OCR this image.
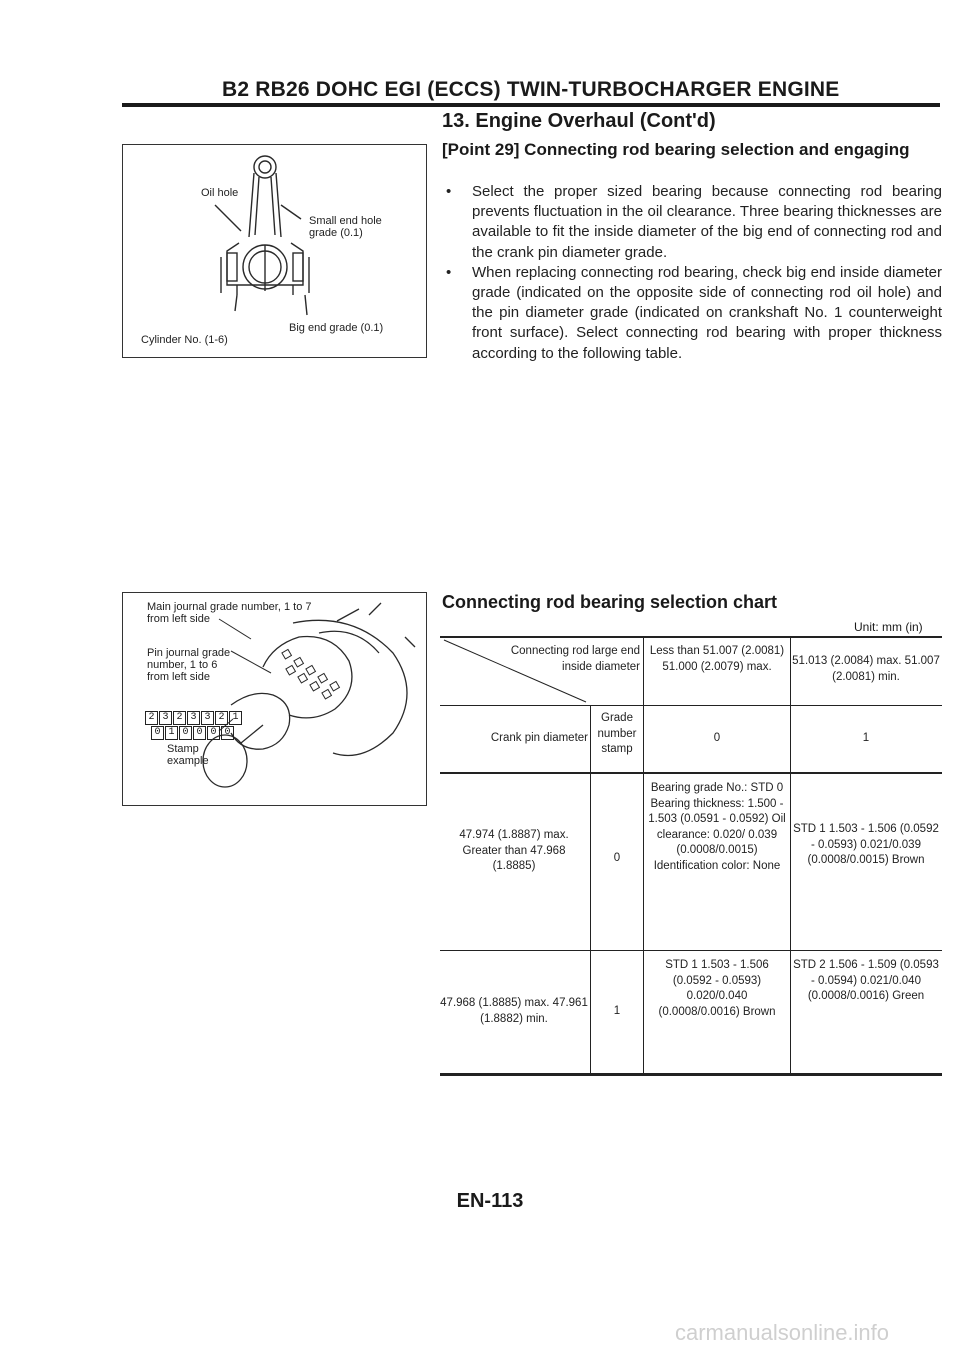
B2 RB26 DOHC EGI (ECCS) TWIN-TURBOCHARGER ENGINE
13. Engine Overhaul (Cont'd)
[Point 29] Connecting rod bearing selection and engaging
• Select the proper sized bearing because connecting rod bearing prevents fluctuation in the oil clearance. Three bearing thicknesses are available to fit the inside diameter of the big end of connecting rod and the crank pin diameter grade.
• When replacing connecting rod bearing, check big end inside diameter grade (indicated on the opposite side of connecting rod oil hole) and the pin diameter grade (indicated on crankshaft No. 1 counterweight front surface). Select connecting rod bearing with proper thickness according to the following table.
Oil hole
Small end hole grade (0.1)
Big end grade (0.1)
Cylinder No. (1-6)
Main journal grade number, 1 to 7 from left side
Pin journal grade number, 1 to 6 from left side
Stamp example
2 3 2 3 3 2 1
0 1 0 0 0 0
Connecting rod bearing selection chart
Unit: mm (in)
Connecting rod large end inside diameter
Less than 51.007 (2.0081) 51.000 (2.0079) max.	51.013 (2.0084) max. 51.007 (2.0081) min.
Crank pin diameter
Grade number stamp
0	1
47.974 (1.8887) max. Greater than 47.968 (1.8885)
0
Bearing grade No.: STD 0 Bearing thickness: 1.500 - 1.503 (0.0591 - 0.0592) Oil clearance: 0.020/ 0.039 (0.0008/0.0015) Identification color: None
STD 1 1.503 - 1.506 (0.0592 - 0.0593) 0.021/0.039 (0.0008/0.0015) Brown
47.968 (1.8885) max. 47.961 (1.8882) min.
1
STD 1 1.503 - 1.506 (0.0592 - 0.0593) 0.020/0.040 (0.0008/0.0016) Brown
STD 2 1.506 - 1.509 (0.0593 - 0.0594) 0.021/0.040 (0.0008/0.0016) Green
EN-113
carmanualsonline.info
